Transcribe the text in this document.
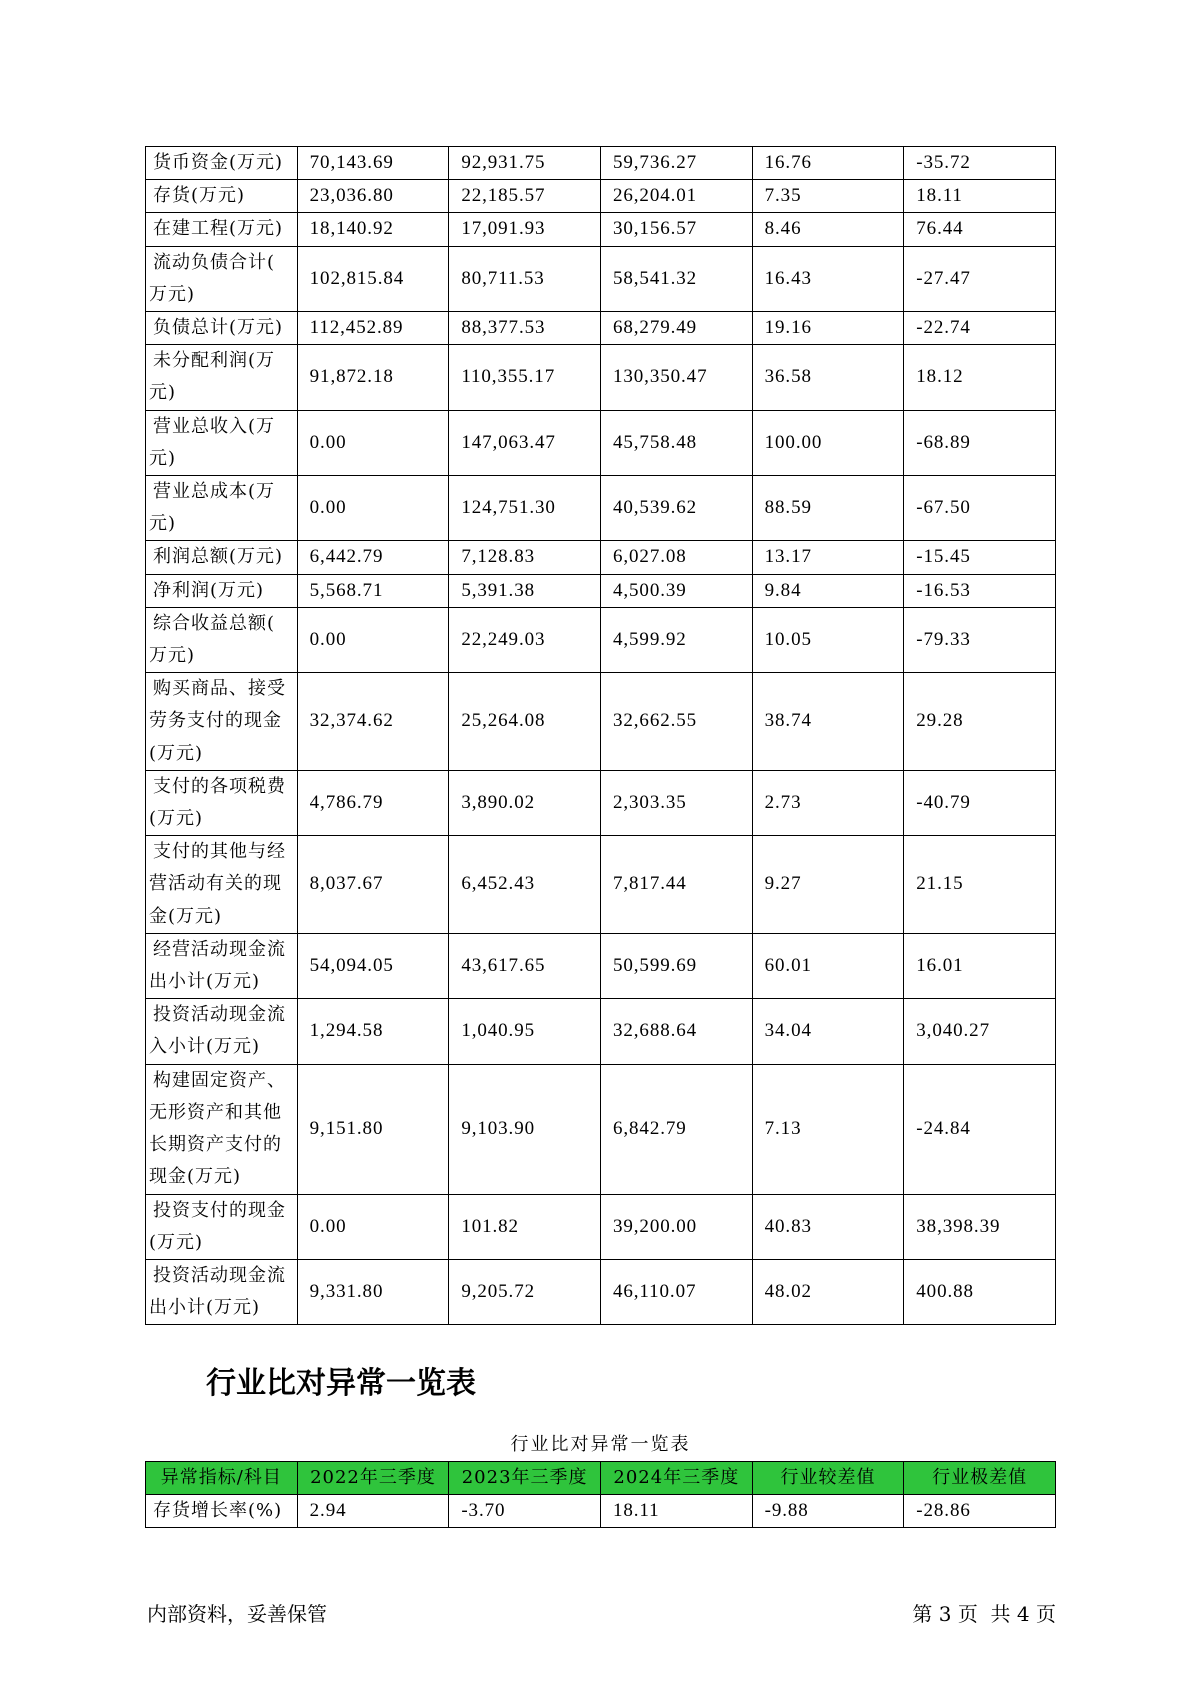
货币资金(万元)	70,143.69	92,931.75	59,736.27	16.76	-35.72

存货(万元)	23,036.80	22,185.57	26,204.01	7.35	18.11

在建工程(万元)	18,140.92	17,091.93	30,156.57	8.46	76.44

流动负债合计(万元)	102,815.84	80,711.53	58,541.32	16.43	-27.47

负债总计(万元)	112,452.89	88,377.53	68,279.49	19.16	-22.74

未分配利润(万元)	91,872.18	110,355.17	130,350.47	36.58	18.12

营业总收入(万元)	0.00	147,063.47	45,758.48	100.00	-68.89

营业总成本(万元)	0.00	124,751.30	40,539.62	88.59	-67.50

利润总额(万元)	6,442.79	7,128.83	6,027.08	13.17	-15.45

净利润(万元)	5,568.71	5,391.38	4,500.39	9.84	-16.53

综合收益总额(万元)	0.00	22,249.03	4,599.92	10.05	-79.33

购买商品、接受劳务支付的现金(万元)	32,374.62	25,264.08	32,662.55	38.74	29.28

支付的各项税费(万元)	4,786.79	3,890.02	2,303.35	2.73	-40.79

支付的其他与经营活动有关的现金(万元)	8,037.67	6,452.43	7,817.44	9.27	21.15

经营活动现金流出小计(万元)	54,094.05	43,617.65	50,599.69	60.01	16.01

投资活动现金流入小计(万元)	1,294.58	1,040.95	32,688.64	34.04	3,040.27

构建固定资产、无形资产和其他长期资产支付的现金(万元)	9,151.80	9,103.90	6,842.79	7.13	-24.84

投资支付的现金(万元)	0.00	101.82	39,200.00	40.83	38,398.39

投资活动现金流出小计(万元)	9,331.80	9,205.72	46,110.07	48.02	400.88
行业比对异常一览表
行业比对异常一览表
异常指标/科目	2022年三季度	2023年三季度	2024年三季度	行业较差值	行业极差值

存货增长率(%)	2.94	-3.70	18.11	-9.88	-28.86
内部资料，妥善保管	第 3 页  共 4 页
